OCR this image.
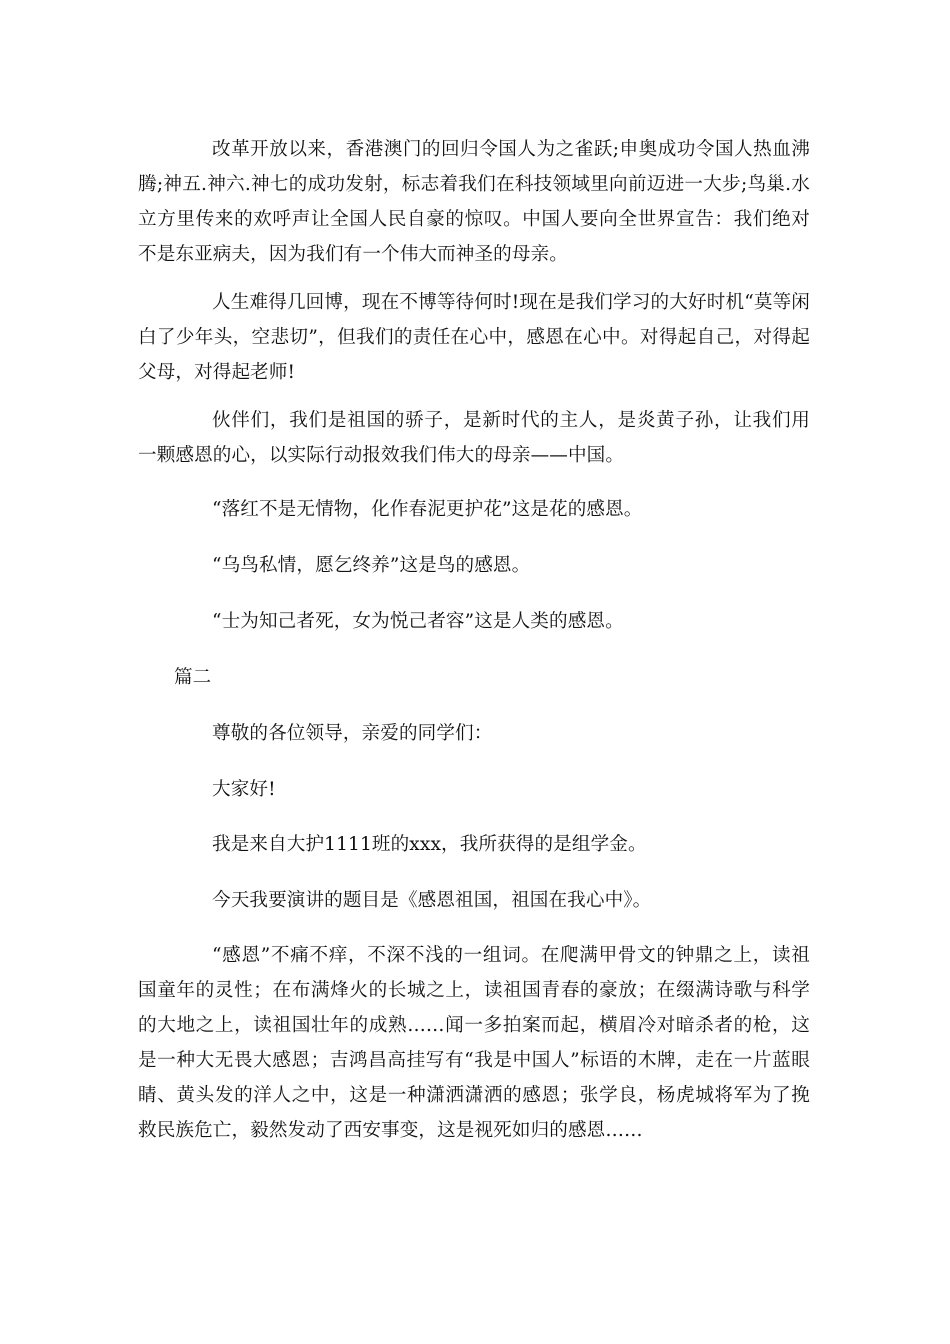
改革开放以来，香港澳门的回归令国人为之雀跃;申奥成功令国人热血沸腾;神五.神六.神七的成功发射，标志着我们在科技领域里向前迈进一大步;鸟巢.水立方里传来的欢呼声让全国人民自豪的惊叹。中国人要向全世界宣告：我们绝对不是东亚病夫，因为我们有一个伟大而神圣的母亲。

人生难得几回博，现在不博等待何时!现在是我们学习的大好时机“莫等闲白了少年头，空悲切”，但我们的责任在心中，感恩在心中。对得起自己，对得起父母，对得起老师!

伙伴们，我们是祖国的骄子，是新时代的主人，是炎黄子孙，让我们用一颗感恩的心，以实际行动报效我们伟大的母亲——中国。

“落红不是无情物，化作春泥更护花”这是花的感恩。

“乌鸟私情，愿乞终养”这是鸟的感恩。

“士为知己者死，女为悦己者容”这是人类的感恩。

篇二

尊敬的各位领导，亲爱的同学们：

大家好!

我是来自大护1111班的xxx，我所获得的是组学金。

今天我要演讲的题目是《感恩祖国，祖国在我心中》。

“感恩”不痛不痒，不深不浅的一组词。在爬满甲骨文的钟鼎之上，读祖国童年的灵性；在布满烽火的长城之上，读祖国青春的豪放；在缀满诗歌与科学的大地之上，读祖国壮年的成熟……闻一多拍案而起，横眉冷对暗杀者的枪，这是一种大无畏大感恩；吉鸿昌高挂写有“我是中国人”标语的木牌，走在一片蓝眼睛、黄头发的洋人之中，这是一种潇洒潇洒的感恩；张学良，杨虎城将军为了挽救民族危亡，毅然发动了西安事变，这是视死如归的感恩……
